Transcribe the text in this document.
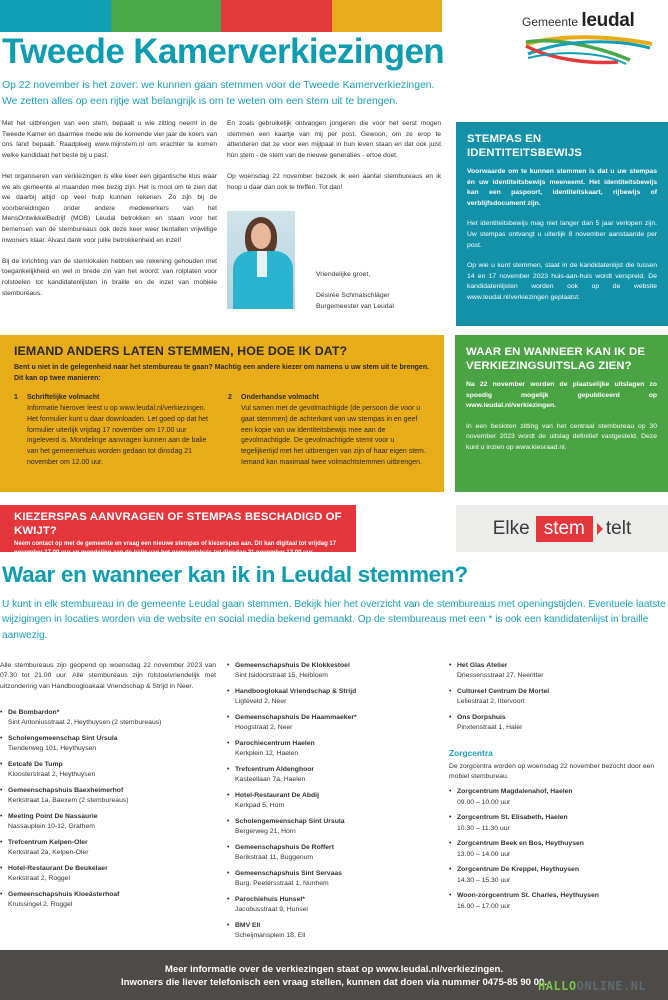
Gemeente leudal
Tweede Kamerverkiezingen

Op 22 november is het zover: we kunnen gaan stemmen voor de Tweede Kamerverkiezingen. We zetten alles op een rijtje wat belangrijk is om te weten om een stem uit te brengen.

Met het uitbrengen van een stem, bepaalt u wie zitting neemt in de Tweede Kamer en daarmee mede wie de komende vier jaar de koers van ons land bepaalt. Raadpleeg www.mijnstem.nl om erachter te komen welke kandidaat het beste bij u past.

Het organiseren van verkiezingen is elke keer een gigantische klus waar we als gemeente al maanden mee bezig zijn. Het is mooi om te zien dat we daarbij altijd op veel hulp kunnen rekenen. Zo zijn bij de voorbereidingen onder andere medewerkers van het MensOntwikkelBedrijf (MOB) Leudal betrokken en staan voor het bemensen van de stembureaus ook deze keer weer tientallen vrijwillige inwoners klaar. Alvast dank voor jullie betrokkenheid en inzet!

Bij de inrichting van de stemlokalen hebben we rekening gehouden met toegankelijkheid en wel in brede zin van het woord: van rolplaten voor rolstoelen tot kandidatenlijsten in braille en de inzet van mobiele stembureaus.

En zoals gebruikelijk ontvangen jongeren die voor het eerst mogen stemmen een kaartje van mij per post. Gewoon, om ze erop te attenderen dat ze voor een mijlpaal in hun leven staan en dat ook juist hún stem - de stem van de nieuwe generaties - ertoe doet.

Op woensdag 22 november bezoek ik een aantal stembureaus en ik hoop u daar dan ook te treffen. Tot dan!

Vriendelijke groet,
Désirée Schmalschläger
Burgemeester van Leudal
STEMPAS EN IDENTITEITSBEWIJS

Voorwaarde om te kunnen stemmen is dat u uw stempas én uw identiteitsbewijs meeneemt. Het identiteitsbewijs kan een paspoort, identiteitskaart, rijbewijs of verblijfsdocument zijn.

Het identiteitsbewijs mag niet langer dan 5 jaar verlopen zijn. Uw stempas ontvangt u uiterlijk 8 november aanstaande per post.

Op wie u kunt stemmen, staat in de kandidatenlijst die tussen 14 en 17 november 2023 huis-aan-huis wordt verspreid. De kandidatenlijsten worden ook op de website www.leudal.nl/verkiezingen geplaatst.

IEMAND ANDERS LATEN STEMMEN, HOE DOE IK DAT?

Bent u niet in de gelegenheid naar het stembureau te gaan? Machtig een andere kiezer om namens u uw stem uit te brengen. Dit kan op twee manieren:

1	Schriftelijke volmacht
Informatie hierover leest u op www.leudal.nl/verkiezingen. Het formulier kunt u daar downloaden. Let goed op dat het formulier uiterlijk vrijdag 17 november om 17.00 uur ingeleverd is. Mondelinge aanvragen kunnen aan de balie van het gemeentehuis worden gedaan tot dinsdag 21 november om 12.00 uur.
2	Onderhandse volmacht
Vul samen met de gevolmachtigde (de persoon die voor u gaat stemmen) de achterkant van uw stempas in en geef een kopie van uw identiteitsbewijs mee aan de gevolmachtigde. De gevolmachtigde stemt voor u tegelijkertijd met het uitbrengen van zijn of haar eigen stem. Iemand kan maximaal twee volmachtstemmen uitbrengen.
WAAR EN WANNEER KAN IK DE VERKIEZINGSUITSLAG ZIEN?

Na 22 november worden de plaatselijke uitslagen zo spoedig mogelijk gepubliceerd op www.leudal.nl/verkiezingen.

In een besloten zitting van het centraal stembureau op 30 november 2023 wordt de uitslag definitief vastgesteld. Deze kunt u inzien op www.kiesraad.nl.

KIEZERSPAS AANVRAGEN OF STEMPAS BESCHADIGD OF KWIJT?

Neem contact op met de gemeente en vraag een nieuwe stempas of kiezerspas aan. Dit kan digitaal tot vrijdag 17 november 17.00 uur en mondeling aan de balie van het gemeentehuis tot dinsdag 21 november 12.00 uur.

Elke stem	telt
Waar en wanneer kan ik in Leudal stemmen?

U kunt in elk stembureau in de gemeente Leudal gaan stemmen. Bekijk hier het overzicht van de stembureaus met openingstijden. Eventuele laatste wijzigingen in locaties worden via de website en social media bekend gemaakt. Op de stembureaus met een * is ook een kandidatenlijst in braille aanwezig.

Alle stembureaus zijn geopend op woensdag 22 november 2023 van 07.30 tot 21.00 uur. Alle stembureaus zijn rolstoelvriendelijk met uitzondering van Handboogloakaal Vriendschap & Strijd in Neer.

• De Bombardon*
Sint Antoniusstraat 2, Heythuysen (2 stembureaus)
• Scholengemeenschap Sint Ursula
Tienderweg 101, Heythuysen
• Eetcafé De Tump
Kloosterstraat 2, Heythuysen
• Gemeenschapshuis Baexheimerhof
Kerkstraat 1a, Baexem (2 stembureaus)
• Meeting Point De Nassaurie
Nassauplein 10-12, Grathem
• Trefcentrum Kelpen-Oler
Kerkstraat 2a, Kelpen-Oler
• Hotel-Restaurant De Beukelaer
Kerkstraat 2, Roggel
• Gemeenschapshuis Kloeästerhoaf
Kruissingel 2, Roggel
• Gemeenschapshuis De Klokkestoel
Sint Isidoorstraat 15, Heibloem
• Handbooglokaal Vriendschap & Strijd
Ligteveld 2, Neer
• Gemeenschapshuis De Haammaeker*
Hoogstraat 2, Neer
• Parochiecentrum Haelen
Kerkplein 12, Haelen
• Trefcentrum Aldenghoor
Kasteellaan 7a, Haelen
• Hotel-Restaurant De Abdij
Kerkpad 5, Horn
• Scholengemeenschap Sint Ursula
Bergerweg 21, Horn
• Gemeenschapshuis De Roffert
Berikstraat 11, Buggenum
• Gemeenschapshuis Sint Servaas
Burg. Peetersstraat 1, Nunhem
• Parochiehuis Hunsel*
Jacobusstraat 9, Hunsel
• BMV Ell
Scheijmansplein 18, Ell
• Het Glas Atelier
Driessensstraat 27, Neeritter
• Cultureel Centrum De Mortel
Leliestraat 2, Ittervoort
• Ons Dorpshuis
Pinxtenstraat 1, Haler
Zorgcentra

De zorgcentra worden op woensdag 22 november bezocht door een mobiel stembureau.

• Zorgcentrum Magdalenahof, Haelen
09.00 – 10.00 uur
• Zorgcentrum St. Elisabeth, Haelen
10.30 – 11.30 uur
• Zorgcentrum Beek en Bos, Heythuysen
13.00 – 14.00 uur
• Zorgcentrum De Kreppel, Heythuysen
14.30 – 15.30 uur
• Woon-zorgcentrum St. Charles, Heythuysen
16.00 – 17.00 uur
Meer informatie over de verkiezingen staat op www.leudal.nl/verkiezingen.
Inwoners die liever telefonisch een vraag stellen, kunnen dat doen via nummer 0475-85 90 00.
HALLOONLINE.NL
